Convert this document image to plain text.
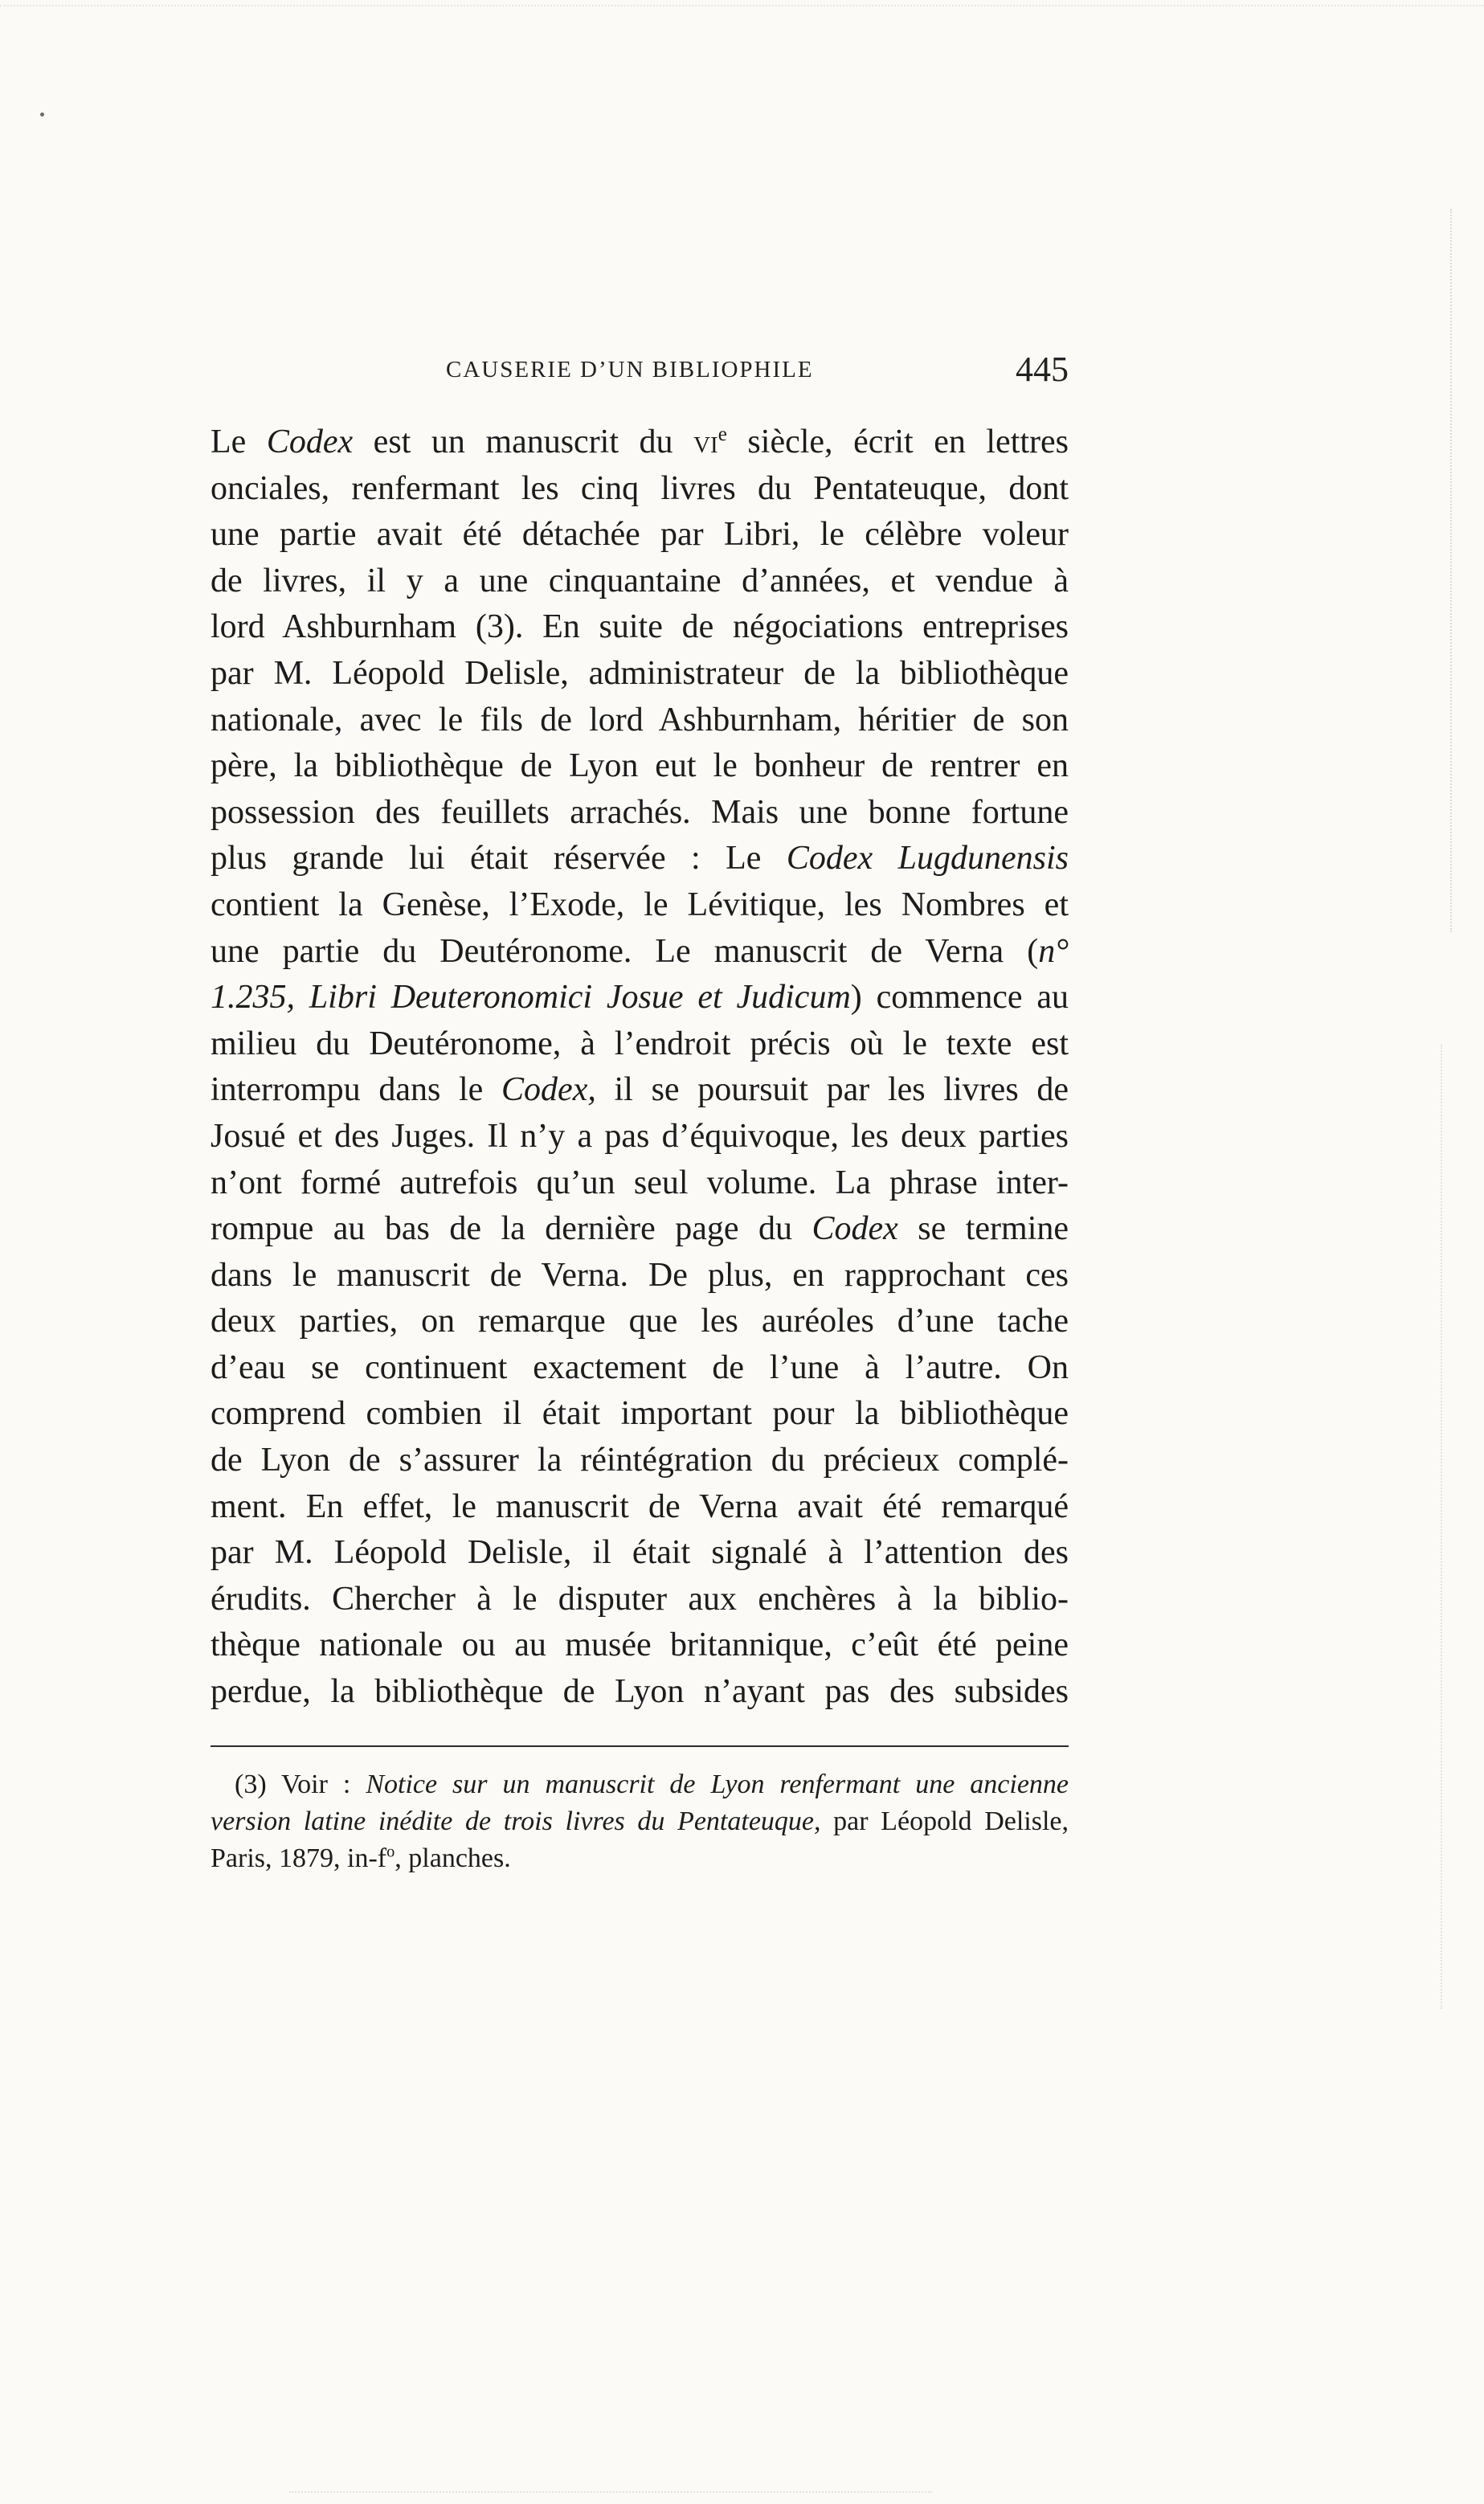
CAUSERIE D’UN BIBLIOPHILE	445
Le Codex est un manuscrit du $vi^e$ siècle, écrit en lettres
onciales, renfermant les cinq livres du Pentateuque, dont
une partie avait été détachée par Libri, le célèbre voleur
de livres, il y a une cinquantaine d’années, et vendue à
lord Ashburnham (3). En suite de négociations entreprises
par M. Léopold Delisle, administrateur de la bibliothèque
nationale, avec le fils de lord Ashburnham, héritier de son
père, la bibliothèque de Lyon eut le bonheur de rentrer en
possession des feuillets arrachés. Mais une bonne fortune
plus grande lui était réservée : Le Codex Lugdunensis
contient la Genèse, l’Exode, le Lévitique, les Nombres et
une partie du Deutéronome. Le manuscrit de Verna (n°
1.235, Libri Deuteronomici Josue et Judicum) commence au
milieu du Deutéronome, à l’endroit précis où le texte est
interrompu dans le Codex, il se poursuit par les livres de
Josué et des Juges. Il n’y a pas d’équivoque, les deux parties
n’ont formé autrefois qu’un seul volume. La phrase inter-
rompue au bas de la dernière page du Codex se termine
dans le manuscrit de Verna. De plus, en rapprochant ces
deux parties, on remarque que les auréoles d’une tache
d’eau se continuent exactement de l’une à l’autre. On
comprend combien il était important pour la bibliothèque
de Lyon de s’assurer la réintégration du précieux complé-
ment. En effet, le manuscrit de Verna avait été remarqué
par M. Léopold Delisle, il était signalé à l’attention des
érudits. Chercher à le disputer aux enchères à la biblio-
thèque nationale ou au musée britannique, c’eût été peine
perdue, la bibliothèque de Lyon n’ayant pas des subsides
(3) Voir : Notice sur un manuscrit de Lyon renfermant une ancienne
version latine inédite de trois livres du Pentateuque, par Léopold Delisle,
Paris, 1879, $in-f^o$, planches.
